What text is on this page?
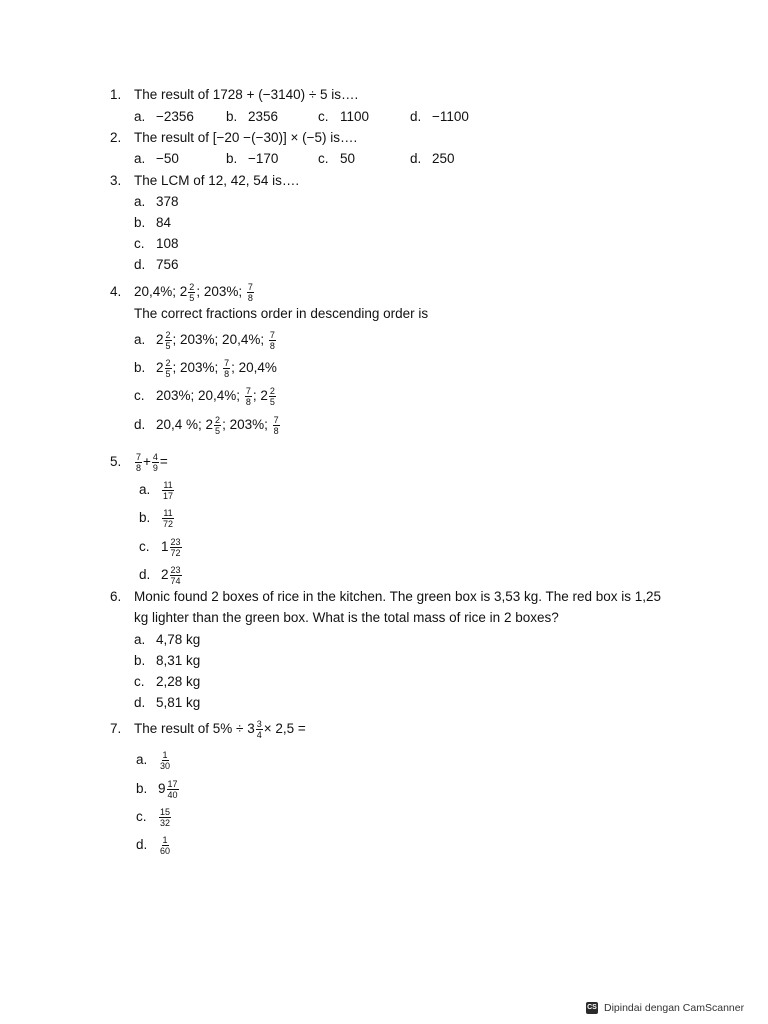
1. The result of 1728 + (−3140) ÷ 5 is….
a. −2356 b. 2356	c. 1100	d. −1100
2. The result of [−20 −(−30)] × (−5) is….
a. −50	b. −170	c. 50	d. 250
3. The LCM of 12, 42, 54 is….
a. 378
b. 84
c. 108
d. 756
4. 20,4%; $2 \frac{2}{5}$ ; 203%; $\frac{7}{8}$
The correct fractions order in descending order is
a. $2 \frac{2}{5}$ ; 203%; 20,4%; $\frac{7}{8}$
b. $2 \frac{2}{5}$ ; 203%; $\frac{7}{8}$ ; 20,4%
c. 203%; 20,4%; $\frac{7}{8}$ ; $2 \frac{2}{5}$
d. 20,4 %; $2 \frac{2}{5}$ ; 203%; $\frac{7}{8}$
5. $\frac{7}{8} + \frac{4}{9}$ =
a. $\frac{11}{17}$
b. $\frac{11}{72}$
c. $1 \frac{23}{72}$
d. $2 \frac{23}{74}$
6. Monic found 2 boxes of rice in the kitchen. The green box is 3,53 kg. The red box is 1,25
kg lighter than the green box. What is the total mass of rice in 2 boxes?
a. 4,78 kg
b. 8,31 kg
c. 2,28 kg
d. 5,81 kg
7. The result of $5\% \div 3 \frac{3}{4} \times 2,5$ =
a. $\frac{1}{30}$
b. $9 \frac{17}{40}$
c. $\frac{15}{32}$
d. $\frac{1}{60}$
CS Dipindai dengan CamScanner
